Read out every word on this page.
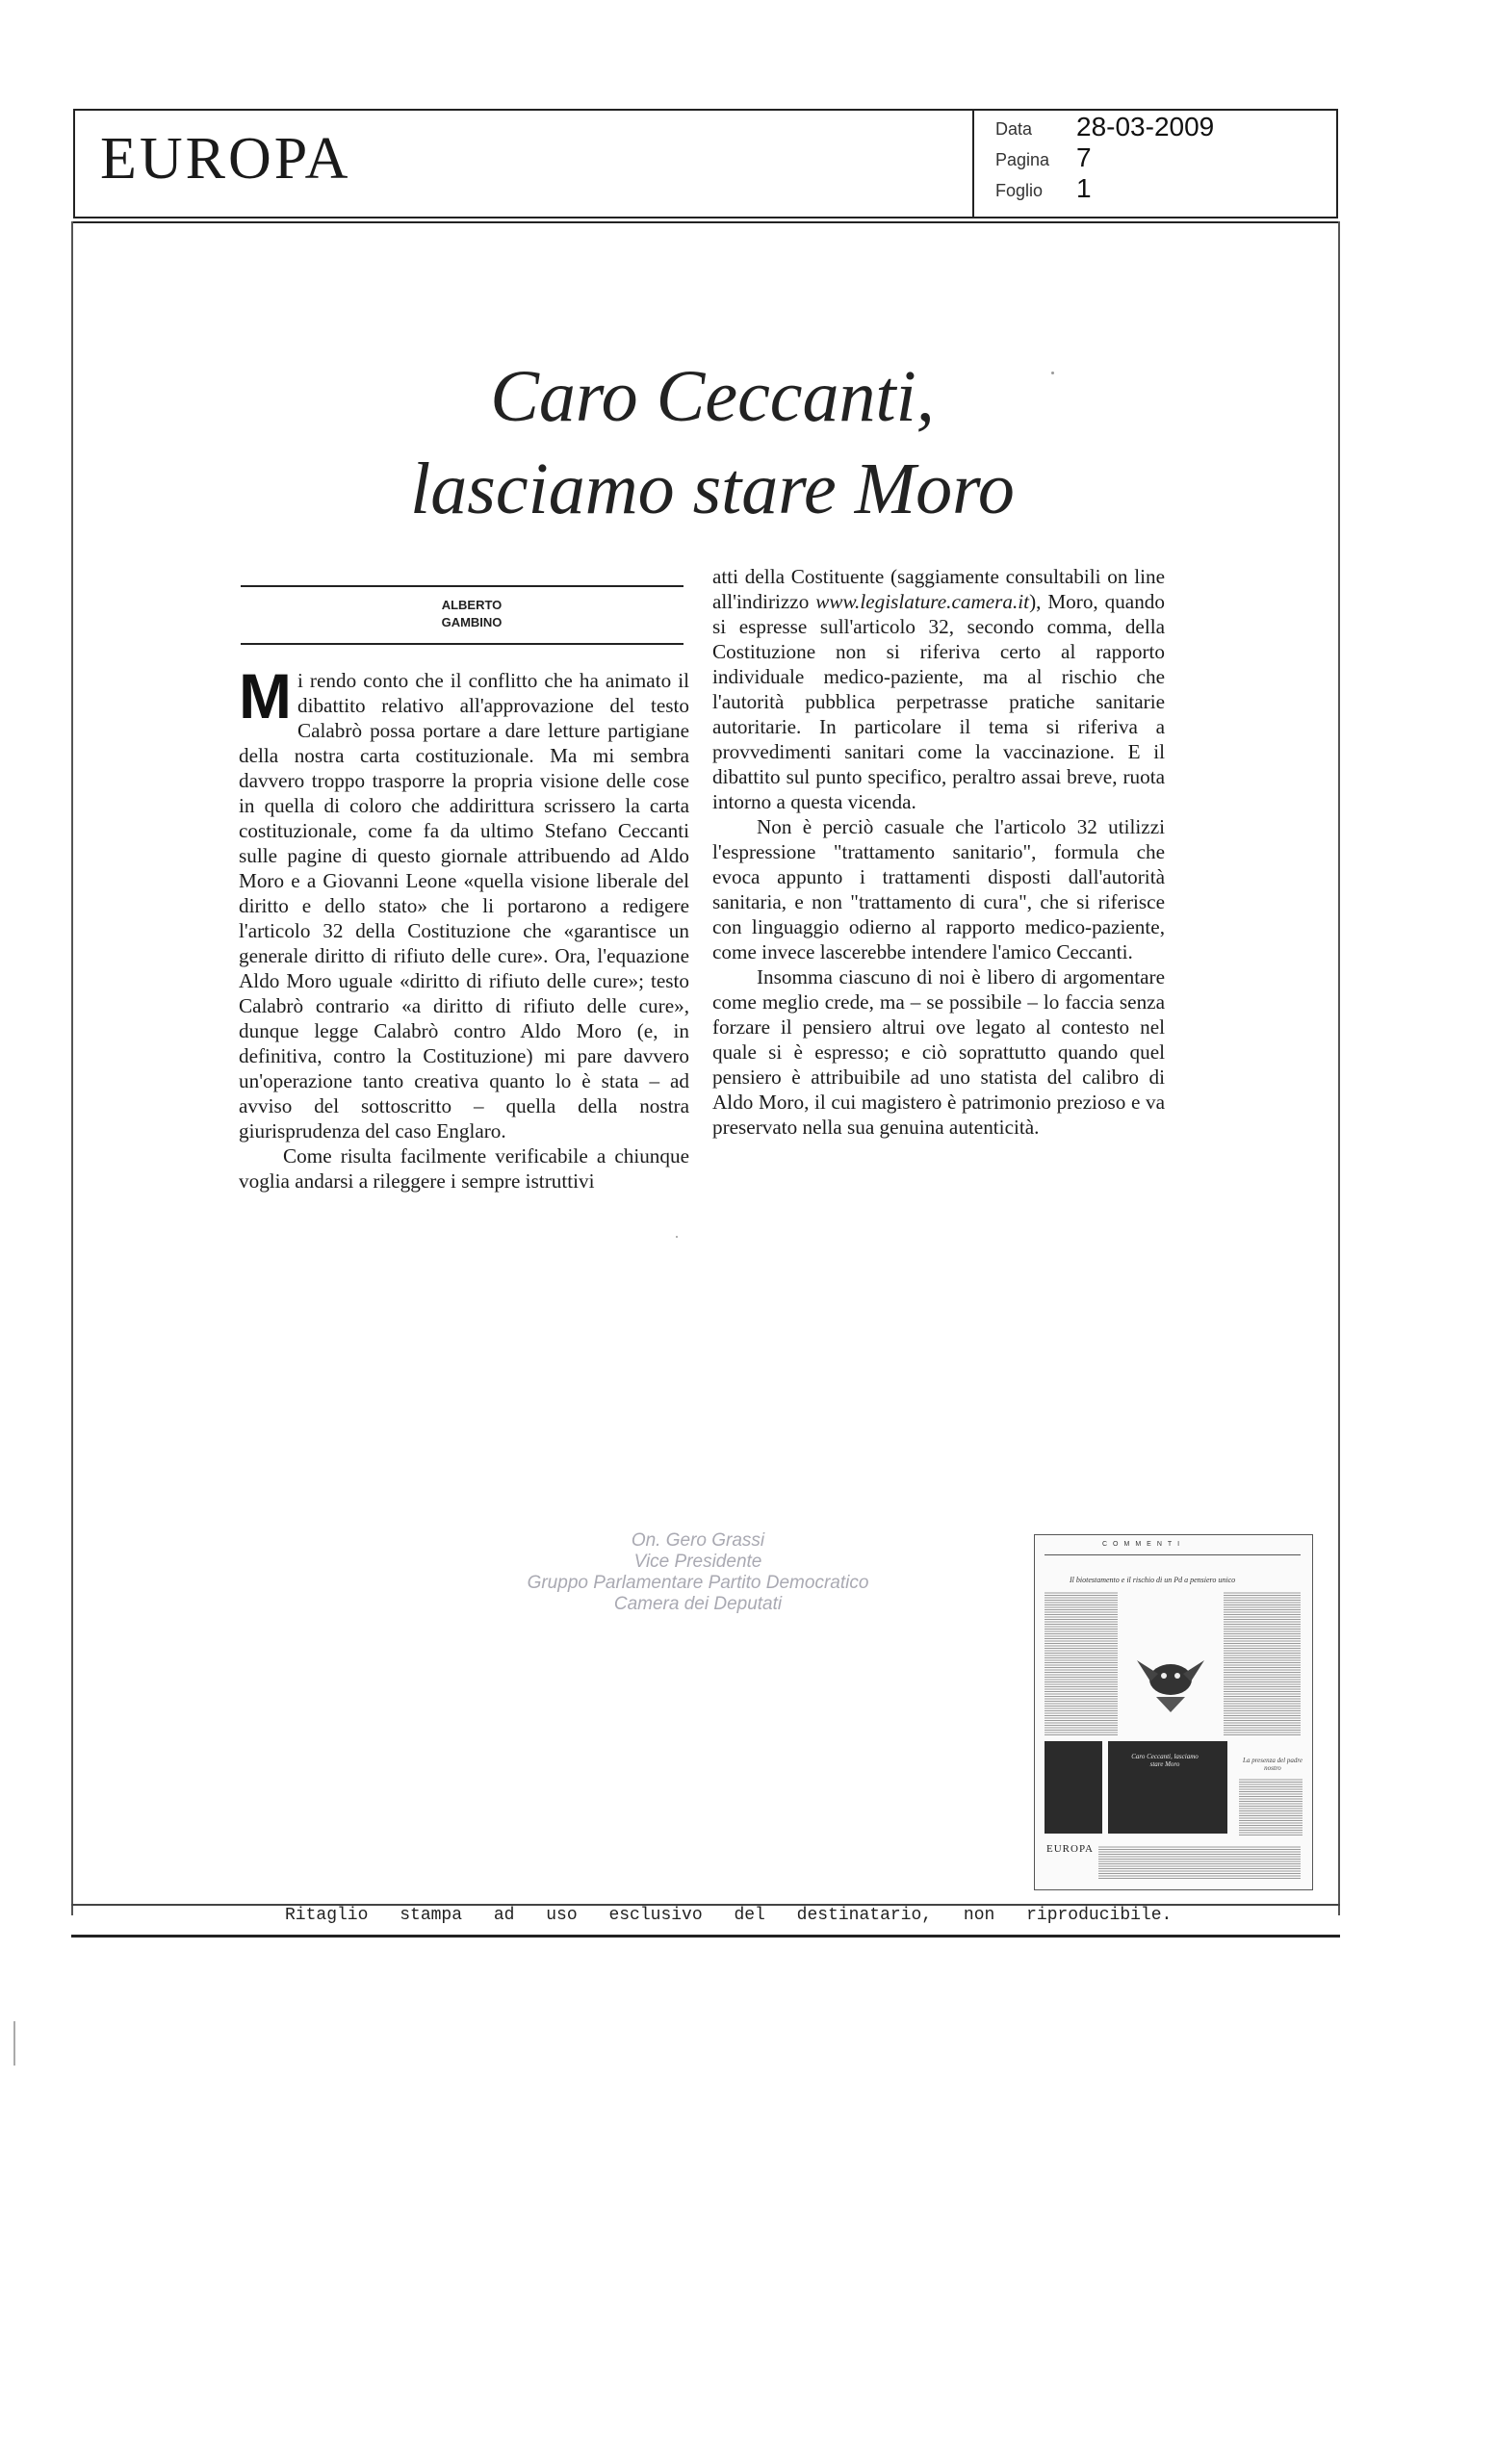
EUROPA	Data 28-03-2009
Pagina 7
Foglio 1
Ritaglio stampa ad uso esclusivo del destinatario, non riproducibile.
Caro Ceccanti,
lasciamo stare Moro
ALBERTO
GAMBINO

Mi rendo conto che il conflitto che ha animato il dibattito relativo all'approvazione del testo Calabrò possa portare a dare letture partigiane della nostra carta costituzionale. Ma mi sembra davvero troppo trasporre la propria visione delle cose in quella di coloro che addirittura scrissero la carta costituzionale, come fa da ultimo Stefano Ceccanti sulle pagine di questo giornale attribuendo ad Aldo Moro e a Giovanni Leone «quella visione liberale del diritto e dello stato» che li portarono a redigere l'articolo 32 della Costituzione che «garantisce un generale diritto di rifiuto delle cure». Ora, l'equazione Aldo Moro uguale «diritto di rifiuto delle cure»; testo Calabrò contrario «a diritto di rifiuto delle cure», dunque legge Calabrò contro Aldo Moro (e, in definitiva, contro la Costituzione) mi pare davvero un'operazione tanto creativa quanto lo è stata – ad avviso del sottoscritto – quella della nostra giurisprudenza del caso Englaro.

Come risulta facilmente verificabile a chiunque voglia andarsi a rileggere i sempre istruttivi

atti della Costituente (saggiamente consultabili on line all'indirizzo www.legislature.camera.it), Moro, quando si espresse sull'articolo 32, secondo comma, della Costituzione non si riferiva certo al rapporto individuale medico-paziente, ma al rischio che l'autorità pubblica perpetrasse pratiche sanitarie autoritarie. In particolare il tema si riferiva a provvedimenti sanitari come la vaccinazione. E il dibattito sul punto specifico, peraltro assai breve, ruota intorno a questa vicenda.

Non è perciò casuale che l'articolo 32 utilizzi l'espressione "trattamento sanitario", formula che evoca appunto i trattamenti disposti dall'autorità sanitaria, e non "trattamento di cura", che si riferisce con linguaggio odierno al rapporto medico-paziente, come invece lascerebbe intendere l'amico Ceccanti.

Insomma ciascuno di noi è libero di argomentare come meglio crede, ma – se possibile – lo faccia senza forzare il pensiero altrui ove legato al contesto nel quale si è espresso; e ciò soprattutto quando quel pensiero è attribuibile ad uno statista del calibro di Aldo Moro, il cui magistero è patrimonio prezioso e va preservato nella sua genuina autenticità.

On. Gero Grassi
Vice Presidente
Gruppo Parlamentare Partito Democratico
Camera dei Deputati
COMMENTI
Il biotestamento e il rischio di un Pd a pensiero unico
Caro Ceccanti, lasciamo stare Moro	La presenza del padre nostro
EUROPA
